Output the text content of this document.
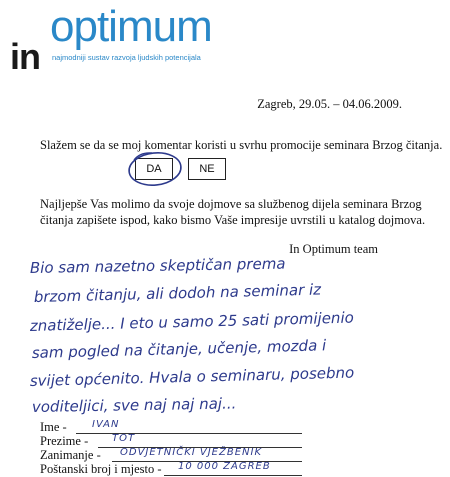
in
optimum
najmodniji sustav razvoja ljudskih potencijala
Zagreb, 29.05. – 04.06.2009.
Slažem se da se moj komentar koristi u svrhu promocije seminara Brzog čitanja.
DA	NE
Najljepše Vas molimo da svoje dojmove sa službenog dijela seminara Brzog
čitanja zapišete ispod, kako bismo Vaše impresije uvrstili u katalog dojmova.
In Optimum team
Bio sam nazetno skeptičan prema
brzom čitanju, ali dodoh na seminar iz
znatiželje... I eto u samo 25 sati promijenio
sam pogled na čitanje, učenje, mozda i
svijet općenito. Hvala o seminaru, posebno
voditeljici, sve naj naj naj...
Ime -	IVAN
Prezime - TOT
Zanimanje - ODVJETNIČKI VJEŽBENIK
Poštanski broj i mjesto - 10 000 ZAGREB
